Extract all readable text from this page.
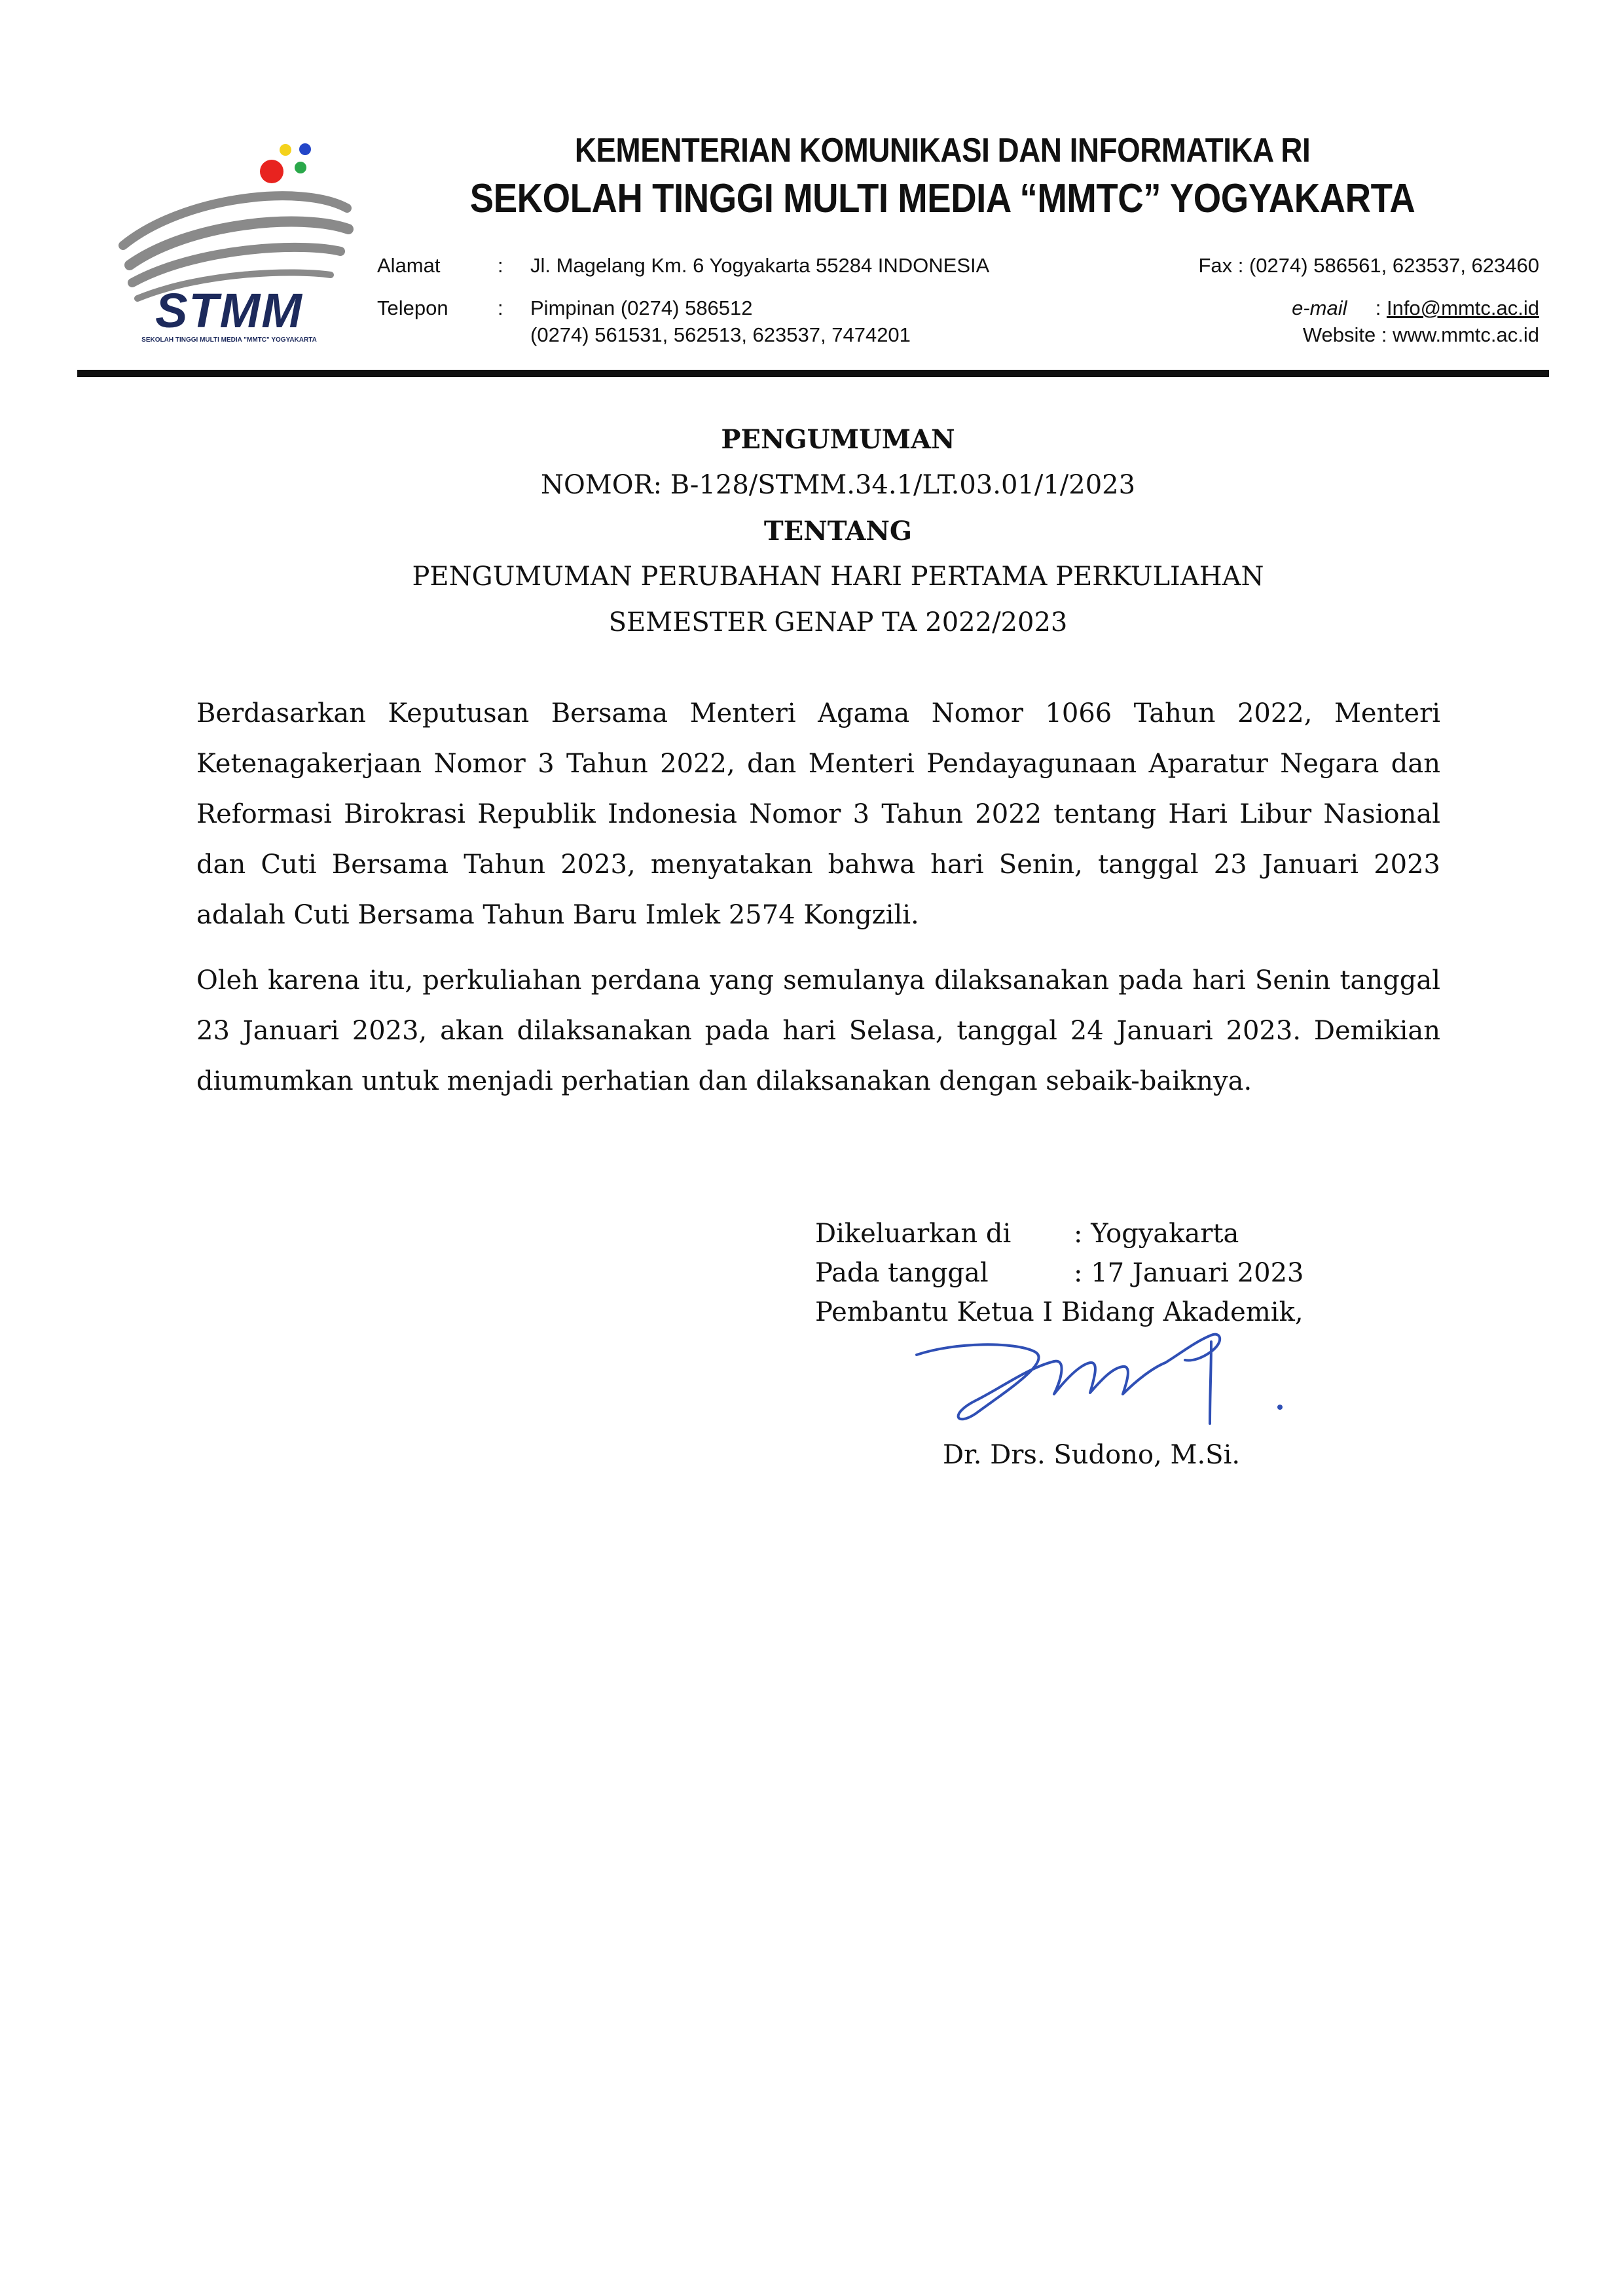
STMM
SEKOLAH TINGGI MULTI MEDIA "MMTC" YOGYAKARTA
KEMENTERIAN KOMUNIKASI DAN INFORMATIKA RI
SEKOLAH TINGGI MULTI MEDIA “MMTC” YOGYAKARTA
Alamat	: Jl. Magelang Km. 6 Yogyakarta 55284 INDONESIA	Fax : (0274) 586561, 623537, 623460
Telepon : Pimpinan (0274) 586512
(0274) 561531, 562513, 623537, 7474201
e-mail : Info@mmtc.ac.id
Website : www.mmtc.ac.id
PENGUMUMAN
NOMOR: B-128/STMM.34.1/LT.03.01/1/2023
TENTANG
PENGUMUMAN PERUBAHAN HARI PERTAMA PERKULIAHAN
SEMESTER GENAP TA 2022/2023
Berdasarkan Keputusan Bersama Menteri Agama Nomor 1066 Tahun 2022, Menteri Ketenagakerjaan Nomor 3 Tahun 2022, dan Menteri Pendayagunaan Aparatur Negara dan Reformasi Birokrasi Republik Indonesia Nomor 3 Tahun 2022 tentang Hari Libur Nasional dan Cuti Bersama Tahun 2023, menyatakan bahwa hari Senin, tanggal 23 Januari 2023 adalah Cuti Bersama Tahun Baru Imlek 2574 Kongzili.
Oleh karena itu, perkuliahan perdana yang semulanya dilaksanakan pada hari Senin tanggal 23 Januari 2023, akan dilaksanakan pada hari Selasa, tanggal 24 Januari 2023. Demikian diumumkan untuk menjadi perhatian dan dilaksanakan dengan sebaik-baiknya.
Dikeluarkan di : Yogyakarta
Pada tanggal	: 17 Januari 2023
Pembantu Ketua I Bidang Akademik,
Dr. Drs. Sudono, M.Si.
